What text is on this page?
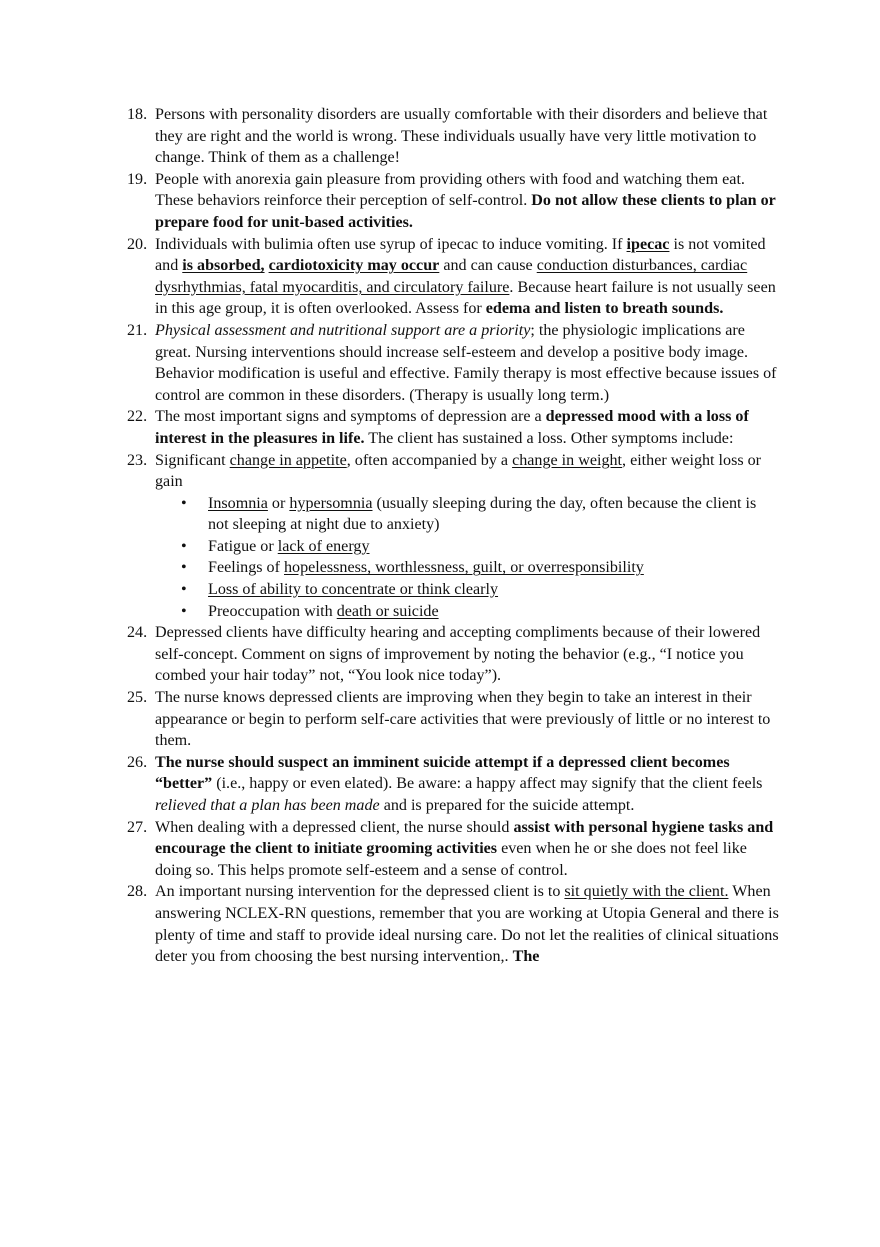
18. Persons with personality disorders are usually comfortable with their disorders and believe that they are right and the world is wrong. These individuals usually have very little motivation to change. Think of them as a challenge!
19. People with anorexia gain pleasure from providing others with food and watching them eat. These behaviors reinforce their perception of self-control. Do not allow these clients to plan or prepare food for unit-based activities.
20. Individuals with bulimia often use syrup of ipecac to induce vomiting. If ipecac is not vomited and is absorbed, cardiotoxicity may occur and can cause conduction disturbances, cardiac dysrhythmias, fatal myocarditis, and circulatory failure. Because heart failure is not usually seen in this age group, it is often overlooked. Assess for edema and listen to breath sounds.
21. Physical assessment and nutritional support are a priority; the physiologic implications are great. Nursing interventions should increase self-esteem and develop a positive body image. Behavior modification is useful and effective. Family therapy is most effective because issues of control are common in these disorders. (Therapy is usually long term.)
22. The most important signs and symptoms of depression are a depressed mood with a loss of interest in the pleasures in life. The client has sustained a loss. Other symptoms include:
23. Significant change in appetite, often accompanied by a change in weight, either weight loss or gain
• Insomnia or hypersomnia (usually sleeping during the day, often because the client is not sleeping at night due to anxiety)
• Fatigue or lack of energy
• Feelings of hopelessness, worthlessness, guilt, or overresponsibility
• Loss of ability to concentrate or think clearly
• Preoccupation with death or suicide
24. Depressed clients have difficulty hearing and accepting compliments because of their lowered self-concept. Comment on signs of improvement by noting the behavior (e.g., “I notice you combed your hair today” not, “You look nice today”).
25. The nurse knows depressed clients are improving when they begin to take an interest in their appearance or begin to perform self-care activities that were previously of little or no interest to them.
26. The nurse should suspect an imminent suicide attempt if a depressed client becomes “better” (i.e., happy or even elated). Be aware: a happy affect may signify that the client feels relieved that a plan has been made and is prepared for the suicide attempt.
27. When dealing with a depressed client, the nurse should assist with personal hygiene tasks and encourage the client to initiate grooming activities even when he or she does not feel like doing so. This helps promote self-esteem and a sense of control.
28. An important nursing intervention for the depressed client is to sit quietly with the client. When answering NCLEX-RN questions, remember that you are working at Utopia General and there is plenty of time and staff to provide ideal nursing care. Do not let the realities of clinical situations deter you from choosing the best nursing intervention,. The
